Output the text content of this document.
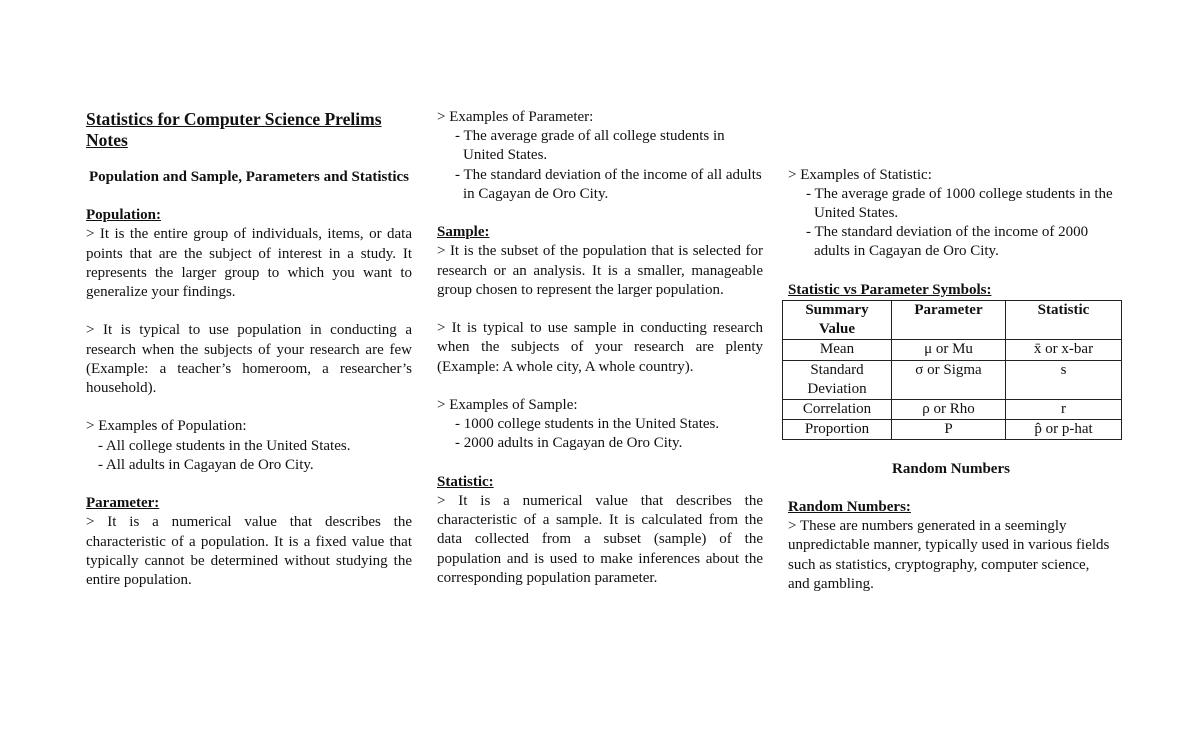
Statistics for Computer Science Prelims Notes
Population and Sample, Parameters and Statistics
Population:

> It is the entire group of individuals, items, or data points that are the subject of interest in a study. It represents the larger group to which you want to generalize your findings.

> It is typical to use population in conducting a research when the subjects of your research are few (Example: a teacher’s homeroom, a researcher’s household).

> Examples of Population:

- All college students in the United States.

- All adults in Cagayan de Oro City.

Parameter:

> It is a numerical value that describes the characteristic of a population. It is a fixed value that typically cannot be determined without studying the entire population.

> Examples of Parameter:

- The average grade of all college students in United States.

- The standard deviation of the income of all adults in Cagayan de Oro City.

Sample:

> It is the subset of the population that is selected for research or an analysis. It is a smaller, manageable group chosen to represent the larger population.

> It is typical to use sample in conducting research when the subjects of your research are plenty (Example: A whole city, A whole country).

> Examples of Sample:

- 1000 college students in the United States.

- 2000 adults in Cagayan de Oro City.

Statistic:

> It is a numerical value that describes the characteristic of a sample. It is calculated from the data collected from a subset (sample) of the population and is used to make inferences about the corresponding population parameter.

> Examples of Statistic:

- The average grade of 1000 college students in the United States.

- The standard deviation of the income of 2000 adults in Cagayan de Oro City.

Statistic vs Parameter Symbols:
Summary Value	Parameter	Statistic
Mean	μ or Mu	x̄ or x-bar
Standard Deviation	σ or Sigma	s
Correlation	ρ or Rho	r
Proportion	P	p̂ or p-hat
Random Numbers
Random Numbers:

> These are numbers generated in a seemingly unpredictable manner, typically used in various fields such as statistics, cryptography, computer science, and gambling.
